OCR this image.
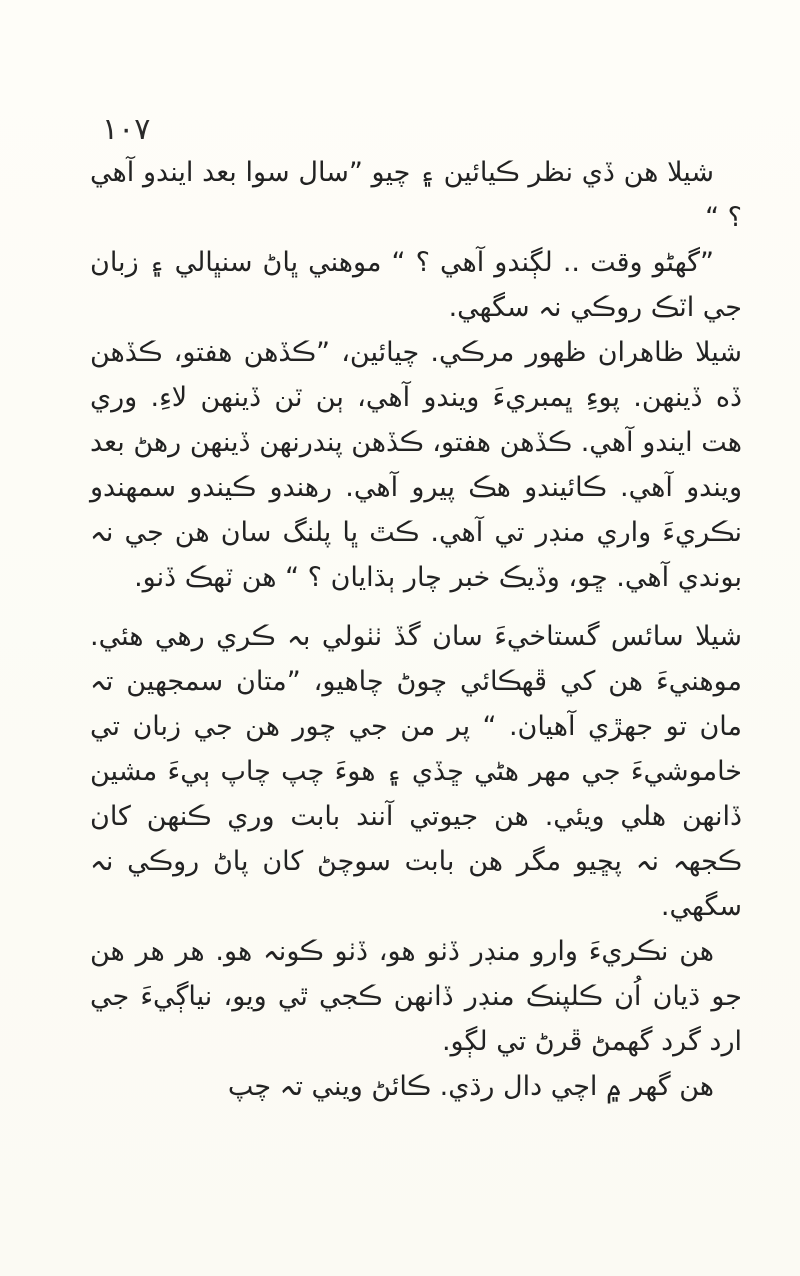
۱۰۷

شيلا هن ڏي نظر ڪيائين ۽ چيو ”سال سوا بعد ايندو آهي ؟ “

”گهڻو وقت .. لڳندو آهي ؟ “ موهني ڀاڻ سنڀالي ۽ زبان جي اٽڪ روڪي نہ سگهي.

شيلا ظاهران ظهور مرڪي. چيائين، ”ڪڏهن هفتو، ڪڏهن ڏه ڏينهن. پوءِ ڀمبريءَ ويندو آهي، ٻن ٽن ڏينهن لاءِ. وري هت ايندو آهي. ڪڏهن هفتو، ڪڏهن پندرنهن ڏينهن رهڻ بعد ويندو آهي. ڪائيندو هڪ پيرو آهي. رهندو ڪيندو سمهندو نڪريءَ واري منڊر تي آهي. ڪٿ ڀا پلنگ سان هن جي نہ بوندي آهي. ڇو، وڏيڪ خبر چار ٻڌايان ؟ “ هن ٽهڪ ڏنو.

شيلا سائس گستاخيءَ سان گڏ ٺٺولي بہ ڪري رهي هئي. موهنيءَ هن کي ڦهڪائي چوڻ چاهيو، ”متان سمجهين تہ مان تو جهڙي آهيان. “ پر من جي چور هن جي زبان تي خاموشيءَ جي مهر هڻي ڇڏي ۽ هوءَ چپ چاپ ٻيءَ مشين ڏانهن هلي ويئي. هن جيوتي آنند بابت وري ڪنهن کان ڪجهہ نہ پڇيو مگر هن بابت سوچڻ کان پاڻ روڪي نہ سگهي.

هن نڪريءَ وارو منڊر ڏٺو هو، ڏٺو ڪونہ هو. هر هر هن جو ڌيان اُن ڪلپنڪ منڊر ڏانهن ڪجي ٿي ويو، نياڳيءَ جي ارد گرد گهمڻ ڦرڻ تي لڳو.

هن گهر ۾ اچي دال رڌي. ڪائڻ ويني تہ چپ
